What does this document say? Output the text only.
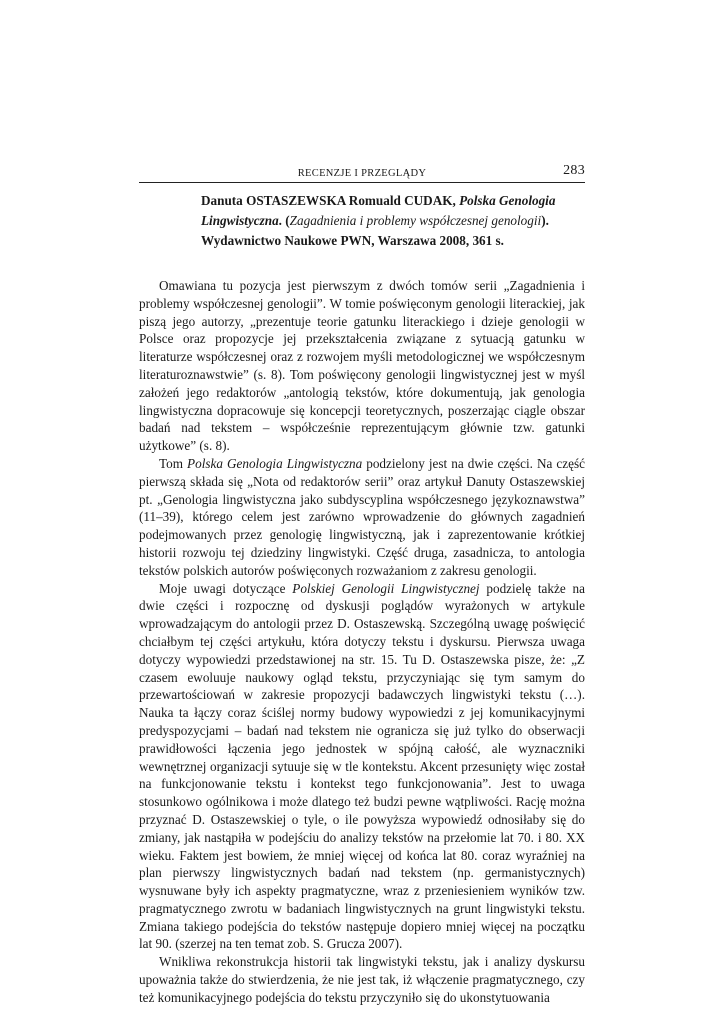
RECENZJE I PRZEGLĄDY	283
Danuta OSTASZEWSKA Romuald CUDAK, Polska Genologia Lingwistyczna. (Zagadnienia i problemy współczesnej genologii). Wydawnictwo Naukowe PWN, Warszawa 2008, 361 s.

Omawiana tu pozycja jest pierwszym z dwóch tomów serii „Zagadnienia i problemy współczesnej genologii”. W tomie poświęconym genologii literackiej, jak piszą jego autorzy, „prezentuje teorie gatunku literackiego i dzieje genologii w Polsce oraz propozycje jej przekształcenia związane z sytuacją gatunku w literaturze współczesnej oraz z rozwojem myśli metodologicznej we współczesnym literaturoznawstwie” (s. 8). Tom poświęcony genologii lingwistycznej jest w myśl założeń jego redaktorów „antologią tekstów, które dokumentują, jak genologia lingwistyczna dopracowuje się koncepcji teoretycznych, poszerzając ciągle obszar badań nad tekstem – współcześnie reprezentującym głównie tzw. gatunki użytkowe” (s. 8).

Tom Polska Genologia Lingwistyczna podzielony jest na dwie części. Na część pierwszą składa się „Nota od redaktorów serii” oraz artykuł Danuty Ostaszewskiej pt. „Genologia lingwistyczna jako subdyscyplina współczesnego językoznawstwa” (11–39), którego celem jest zarówno wprowadzenie do głównych zagadnień podejmowanych przez genologię lingwistyczną, jak i zaprezentowanie krótkiej historii rozwoju tej dziedziny lingwistyki. Część druga, zasadnicza, to antologia tekstów polskich autorów poświęconych rozważaniom z zakresu genologii.

Moje uwagi dotyczące Polskiej Genologii Lingwistycznej podzielę także na dwie części i rozpocznę od dyskusji poglądów wyrażonych w artykule wprowadzającym do antologii przez D. Ostaszewską. Szczególną uwagę poświęcić chciałbym tej części artykułu, która dotyczy tekstu i dyskursu. Pierwsza uwaga dotyczy wypowiedzi przedstawionej na str. 15. Tu D. Ostaszewska pisze, że: „Z czasem ewoluuje naukowy ogląd tekstu, przyczyniając się tym samym do przewartościowań w zakresie propozycji badawczych lingwistyki tekstu (…). Nauka ta łączy coraz ściślej normy budowy wypowiedzi z jej komunikacyjnymi predyspozycjami – badań nad tekstem nie ogranicza się już tylko do obserwacji prawidłowości łączenia jego jednostek w spójną całość, ale wyznaczniki wewnętrznej organizacji sytuuje się w tle kontekstu. Akcent przesunięty więc został na funkcjonowanie tekstu i kontekst tego funkcjonowania”. Jest to uwaga stosunkowo ogólnikowa i może dlatego też budzi pewne wątpliwości. Rację można przyznać D. Ostaszewskiej o tyle, o ile powyższa wypowiedź odnosiłaby się do zmiany, jak nastąpiła w podejściu do analizy tekstów na przełomie lat 70. i 80. XX wieku. Faktem jest bowiem, że mniej więcej od końca lat 80. coraz wyraźniej na plan pierwszy lingwistycznych badań nad tekstem (np. germanistycznych) wysnuwane były ich aspekty pragmatyczne, wraz z przeniesieniem wyników tzw. pragmatycznego zwrotu w badaniach lingwistycznych na grunt lingwistyki tekstu. Zmiana takiego podejścia do tekstów następuje dopiero mniej więcej na początku lat 90. (szerzej na ten temat zob. S. Grucza 2007).

Wnikliwa rekonstrukcja historii tak lingwistyki tekstu, jak i analizy dyskursu upoważnia także do stwierdzenia, że nie jest tak, iż włączenie pragmatycznego, czy też komunikacyjnego podejścia do tekstu przyczyniło się do ukonstytuowania
